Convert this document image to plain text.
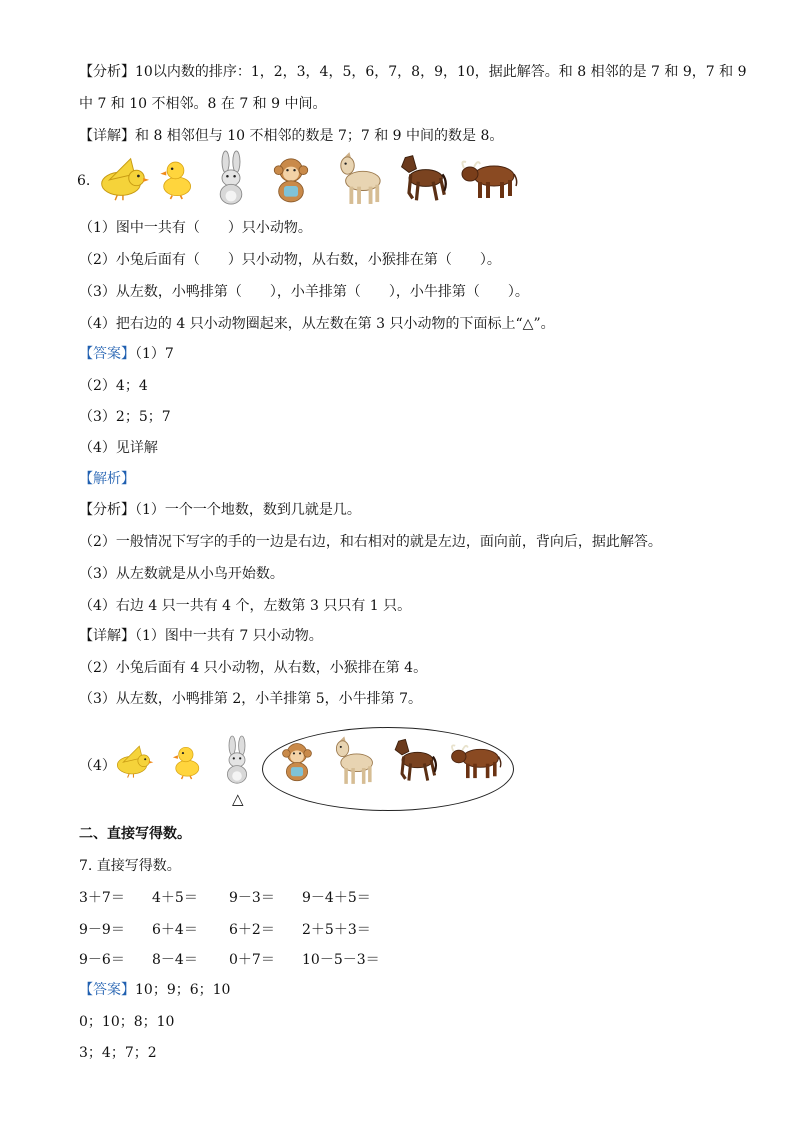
【分析】10以内数的排序：1，2，3，4，5，6，7，8，9，10，据此解答。和 8 相邻的是 7 和 9，7 和 9
中 7 和 10 不相邻。8 在 7 和 9 中间。
【详解】和 8 相邻但与 10 不相邻的数是 7；7 和 9 中间的数是 8。
6.
（1）图中一共有（　　）只小动物。
（2）小兔后面有（　　）只小动物，从右数，小猴排在第（　　）。
（3）从左数，小鸭排第（　　），小羊排第（　　），小牛排第（　　）。
（4）把右边的 4 只小动物圈起来，从左数在第 3 只小动物的下面标上“△”。
【答案】（1）7
（2）4；4
（3）2；5；7
（4）见详解
【解析】
【分析】（1）一个一个地数，数到几就是几。
（2）一般情况下写字的手的一边是右边，和右相对的就是左边，面向前，背向后，据此解答。
（3）从左数就是从小鸟开始数。
（4）右边 4 只一共有 4 个，左数第 3 只只有 1 只。
【详解】（1）图中一共有 7 只小动物。
（2）小兔后面有 4 只小动物，从右数，小猴排在第 4。
（3）从左数，小鸭排第 2，小羊排第 5，小牛排第 7。
（4）
△
二、直接写得数。
7. 直接写得数。
3＋7＝ 4＋5＝ 9－3＝ 9－4＋5＝
9－9＝ 6＋4＝ 6＋2＝ 2＋5＋3＝
9－6＝ 8－4＝ 0＋7＝ 10－5－3＝
【答案】10；9；6；10
0；10；8；10
3；4；7；2
